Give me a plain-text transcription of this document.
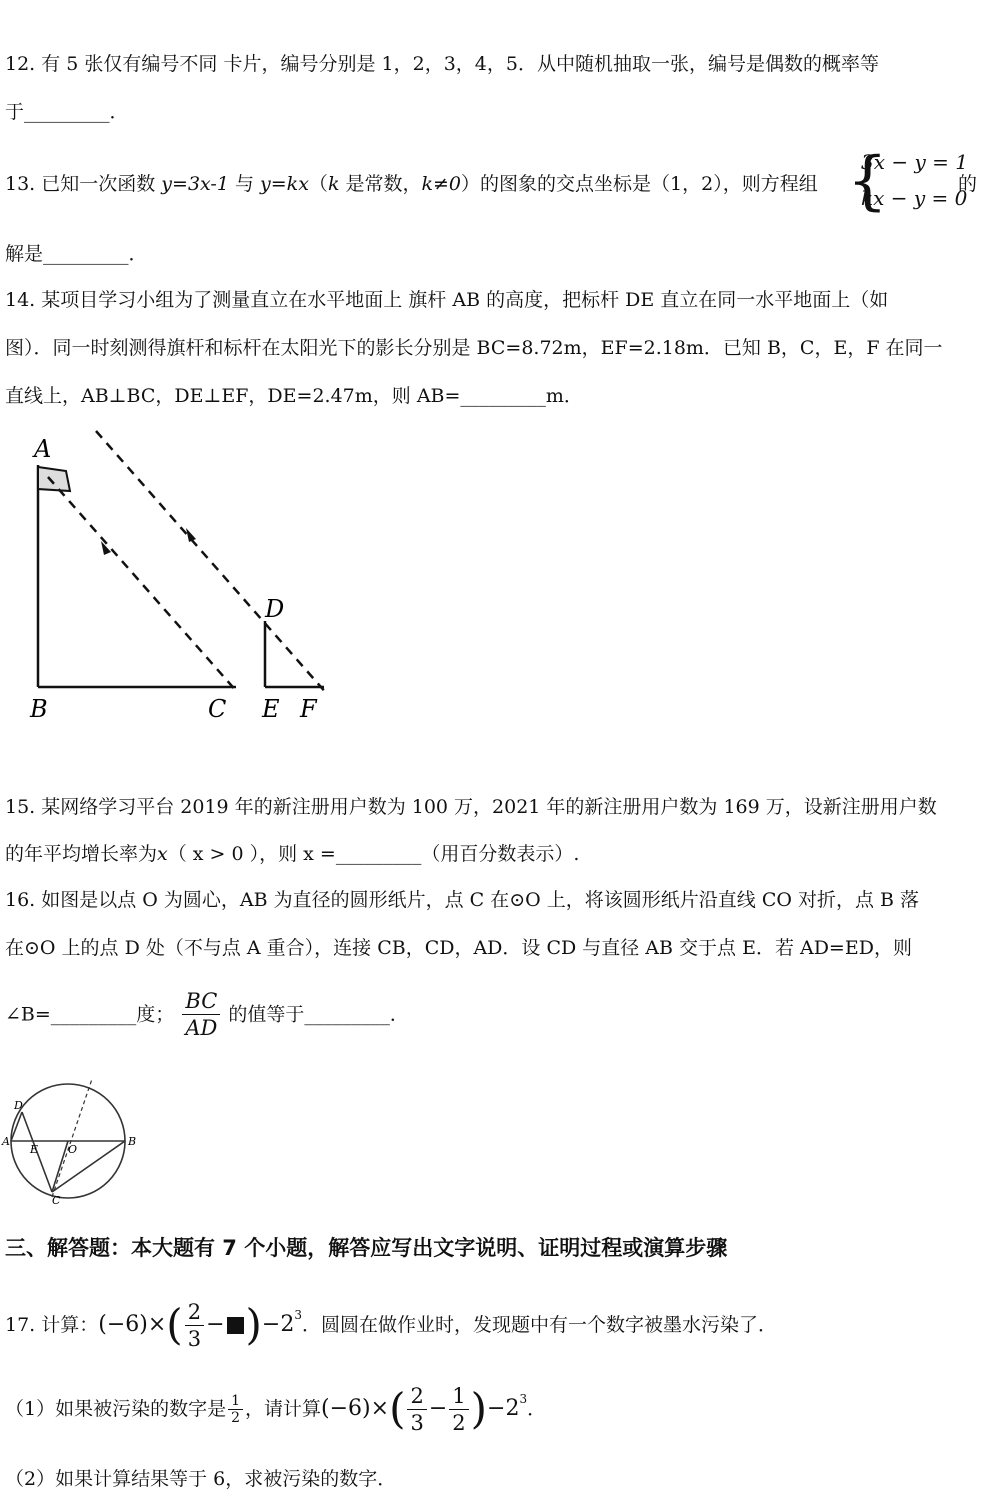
12. 有 5 张仅有编号不同 卡片，编号分别是 1，2，3，4，5．从中随机抽取一张，编号是偶数的概率等
于_________．
13. 已知一次函数 y=3x-1 与 y=kx（k 是常数，k≠0）的图象的交点坐标是（1，2），则方程组 {
3x − y = 1
kx − y = 0
的
解是_________．
14. 某项目学习小组为了测量直立在水平地面上 旗杆 AB 的高度，把标杆 DE 直立在同一水平地面上（如
图）．同一时刻测得旗杆和标杆在太阳光下的影长分别是 BC=8.72m，EF=2.18m．已知 B，C，E，F 在同一
直线上，AB⊥BC，DE⊥EF，DE=2.47m，则 AB=_________m．
A
B	C
D
E F
15. 某网络学习平台 2019 年的新注册用户数为 100 万，2021 年的新注册用户数为 169 万，设新注册用户数
的年平均增长率为x（ x > 0 ），则 x =_________（用百分数表示）.
16. 如图是以点 O 为圆心，AB 为直径的圆形纸片，点 C 在⊙O 上，将该圆形纸片沿直线 CO 对折，点 B 落
在⊙O 上的点 D 处（不与点 A 重合），连接 CB，CD，AD．设 CD 与直径 AB 交于点 E．若 AD=ED，则
∠B=_________度； $\frac{BC}{AD}$ 的值等于_________．
D
A
E	O
B
C
三、解答题：本大题有 7 个小题，解答应写出文字说明、证明过程或演算步骤
17. 计算：$(-6)\times( \frac{2}{3} - )-2^3$．圆圆在做作业时，发现题中有一个数字被墨水污染了．
（1）如果被污染的数字是 $\frac{1}{2}$ ，请计算$(-6)\times( \frac{2}{3} - \frac{1}{2} )-2^3$．
（2）如果计算结果等于 6，求被污染的数字．
